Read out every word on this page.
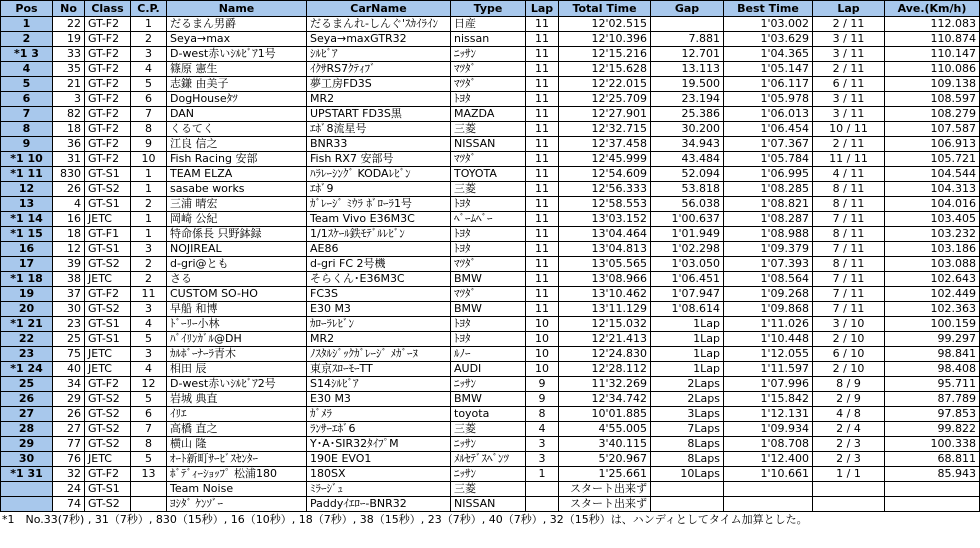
Pos	No	Class	C.P.	Name	CarName	Type	Lap	Total Time	Gap	Best Time	Lap	Ave.(Km/h)
1	22	GT-F2	1	だるまん男爵	だるまんれ-しんぐ'ｽｶｲﾗｲﾝ	日産	11	12'02.515		1'03.002	2 / 11	112.083
2	19	GT-F2	2	Seya→max	Seya→maxGTR32	nissan	11	12'10.396	7.881	1'03.629	3 / 11	110.874
*1 3	33	GT-F2	3	D-west赤いｼﾙﾋﾞｱ1号	ｼﾙﾋﾞｱ	ﾆｯｻﾝ	11	12'15.216	12.701	1'04.365	3 / 11	110.147
4	35	GT-F2	4	篠原 憲生	ｲｸｻRS7ｸﾃｨﾌﾞ	ﾏﾂﾀﾞ	11	12'15.628	13.113	1'05.147	2 / 11	110.086
5	21	GT-F2	5	志鎌 由美子	夢工房FD3S	ﾏﾂﾀﾞ	11	12'22.015	19.500	1'06.117	6 / 11	109.138
6	3	GT-F2	6	DogHouseﾀﾂ	MR2	ﾄﾖﾀ	11	12'25.709	23.194	1'05.978	3 / 11	108.597
7	82	GT-F2	7	DAN	UPSTART FD3S黒	MAZDA	11	12'27.901	25.386	1'06.013	3 / 11	108.279
8	18	GT-F2	8	くるてく	ｴﾎﾞ8流星号	三菱	11	12'32.715	30.200	1'06.454	10 / 11	107.587
9	36	GT-F2	9	江良 信之	BNR33	NISSAN	11	12'37.458	34.943	1'07.367	2 / 11	106.913
*1 10	31	GT-F2	10	Fish Racing 安部	Fish RX7 安部号	ﾏﾂﾀﾞ	11	12'45.999	43.484	1'05.784	11 / 11	105.721
*1 11	830	GT-S1	1	TEAM ELZA	ﾊﾗﾚｰｼﾝｸﾞ KODAﾚﾋﾞﾝ	TOYOTA	11	12'54.609	52.094	1'06.995	4 / 11	104.544
12	26	GT-S2	1	sasabe works	ｴﾎﾞ9	三菱	11	12'56.333	53.818	1'08.285	8 / 11	104.313
13	4	GT-S1	2	三浦 晴宏	ｶﾞﾚｰｼﾞ ﾐｳﾗ ﾎﾞﾛｰﾗ1号	ﾄﾖﾀ	11	12'58.553	56.038	1'08.821	8 / 11	104.016
*1 14	16	JETC	1	岡崎 公紀	Team Vivo E36M3C	ﾍﾞｰﾑﾍﾞｰ	11	13'03.152	1'00.637	1'08.287	7 / 11	103.405
*1 15	18	GT-F1	1	特命係長 只野鉢録	1/1ｽｹｰﾙ鉄ﾓﾃﾞﾙﾚﾋﾞﾝ	ﾄﾖﾀ	11	13'04.464	1'01.949	1'08.988	8 / 11	103.232
16	12	GT-S1	3	NOJIREAL	AE86	ﾄﾖﾀ	11	13'04.813	1'02.298	1'09.379	7 / 11	103.186
17	39	GT-S2	2	d-gri@とも	d-gri FC 2号機	ﾏﾂﾀﾞ	11	13'05.565	1'03.050	1'07.393	8 / 11	103.088
*1 18	38	JETC	2	さる	そらくん･E36M3C	BMW	11	13'08.966	1'06.451	1'08.564	7 / 11	102.643
19	37	GT-F2	11	CUSTOM SO-HO	FC3S	ﾏﾂﾀﾞ	11	13'10.462	1'07.947	1'09.268	7 / 11	102.449
20	30	GT-S2	3	早船 和博	E30 M3	BMW	11	13'11.129	1'08.614	1'09.868	7 / 11	102.363
*1 21	23	GT-S1	4	ﾄﾞｰﾘｰ小林	ｶﾛｰﾗﾚﾋﾞﾝ	ﾄﾖﾀ	10	12'15.032	1Lap	1'11.026	3 / 10	100.159
22	25	GT-S1	5	ﾊﾞｲﾘﾝｶﾞﾙ@DH	MR2	ﾄﾖﾀ	10	12'21.413	1Lap	1'10.448	2 / 10	99.297
23	75	JETC	3	ｶﾙﾎﾞｰﾅｰﾗ青木	ﾉｽﾀﾙｼﾞｯｸｶﾞﾚｰｼﾞ ﾒｶﾞｰﾇ	ﾙﾉｰ	10	12'24.830	1Lap	1'12.055	6 / 10	98.841
*1 24	40	JETC	4	相田 辰	東京ｽﾛｰﾓｰTT	AUDI	10	12'28.112	1Lap	1'11.597	2 / 10	98.408
25	34	GT-F2	12	D-west赤いｼﾙﾋﾞｱ2号	S14ｼﾙﾋﾞｱ	ﾆｯｻﾝ	9	11'32.269	2Laps	1'07.996	8 / 9	95.711
26	29	GT-S2	5	岩城 典直	E30 M3	BMW	9	12'34.742	2Laps	1'15.842	2 / 9	87.789
27	26	GT-S2	6	ｲﾘｴ	ｶﾞﾒﾗ	toyota	8	10'01.885	3Laps	1'12.131	4 / 8	97.853
28	27	GT-S2	7	高橋 直之	ﾗﾝｻｰｴﾎﾞ6	三菱	4	4'55.005	7Laps	1'09.934	2 / 4	99.822
29	77	GT-S2	8	横山 隆	Y･A･SIR32ﾀｲﾌﾟM	ﾆｯｻﾝ	3	3'40.115	8Laps	1'08.708	2 / 3	100.338
30	76	JETC	5	ｵｰﾄ新町ｻｰﾋﾞｽｾﾝﾀｰ	190E EVO1	ﾒﾙｾﾃﾞｽﾍﾞﾝﾂ	3	5'20.967	8Laps	1'12.400	2 / 3	68.811
*1 31	32	GT-F2	13	ﾎﾞﾃﾞｨｰｼｮｯﾌﾟ 松浦180	180SX	ﾆｯｻﾝ	1	1'25.661	10Laps	1'10.661	1 / 1	85.943
	24	GT-S1		Team Noise	ﾐﾗｰｼﾞｭ	三菱		スタート出来ず				
	74	GT-S2		ﾖｼﾀﾞ ｹﾝｿﾞｰ	Paddyｲｴﾛｰ-BNR32	NISSAN		スタート出来ず				
*1　No.33(7秒) , 31（7秒）, 830（15秒）, 16（10秒）, 18（7秒）, 38（15秒）, 23（7秒）, 40（7秒）, 32（15秒）は、ハンディとしてタイム加算とした。
